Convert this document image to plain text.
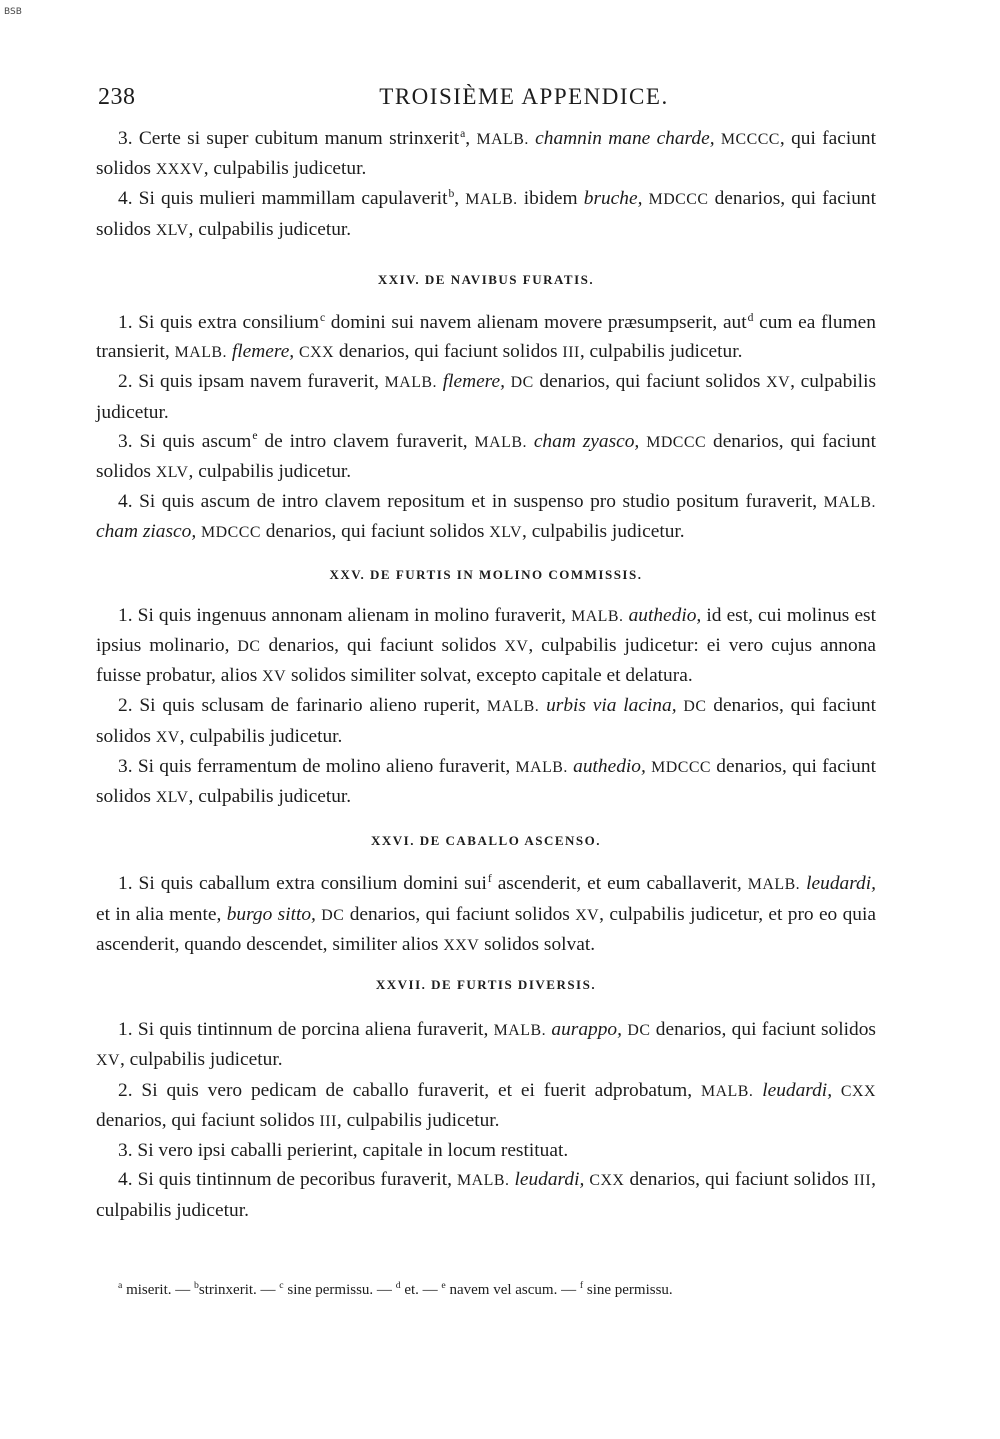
BSB
238	TROISIÈME APPENDICE.

3. Certe si super cubitum manum strinxerit$^a$, MALB. chamnin mane charde, MCCCC, qui faciunt solidos XXXV, culpabilis judicetur.

4. Si quis mulieri mammillam capulaverit$^b$, MALB. ibidem bruche, MDCCC denarios, qui faciunt solidos XLV, culpabilis judicetur.

XXIV. DE NAVIBUS FURATIS.

1. Si quis extra consilium$^c$ domini sui navem alienam movere præsumpserit, aut$^d$ cum ea flumen transierit, MALB. flemere, CXX denarios, qui faciunt solidos III, culpabilis judicetur.

2. Si quis ipsam navem furaverit, MALB. flemere, DC denarios, qui faciunt solidos XV, culpabilis judicetur.

3. Si quis ascum$^e$ de intro clavem furaverit, MALB. cham zyasco, MDCCC denarios, qui faciunt solidos XLV, culpabilis judicetur.

4. Si quis ascum de intro clavem repositum et in suspenso pro studio positum furaverit, MALB. cham ziasco, MDCCC denarios, qui faciunt solidos XLV, culpabilis judicetur.

XXV. DE FURTIS IN MOLINO COMMISSIS.

1. Si quis ingenuus annonam alienam in molino furaverit, MALB. authedio, id est, cui molinus est ipsius molinario, DC denarios, qui faciunt solidos XV, culpabilis judicetur: ei vero cujus annona fuisse probatur, alios XV solidos similiter solvat, excepto capitale et delatura.

2. Si quis sclusam de farinario alieno ruperit, MALB. urbis via lacina, DC denarios, qui faciunt solidos XV, culpabilis judicetur.

3. Si quis ferramentum de molino alieno furaverit, MALB. authedio, MDCCC denarios, qui faciunt solidos XLV, culpabilis judicetur.

XXVI. DE CABALLO ASCENSO.

1. Si quis caballum extra consilium domini sui$^f$ ascenderit, et eum caballaverit, MALB. leudardi, et in alia mente, burgo sitto, DC denarios, qui faciunt solidos XV, culpabilis judicetur, et pro eo quia ascenderit, quando descendet, similiter alios XXV solidos solvat.

XXVII. DE FURTIS DIVERSIS.

1. Si quis tintinnum de porcina aliena furaverit, MALB. aurappo, DC denarios, qui faciunt solidos XV, culpabilis judicetur.

2. Si quis vero pedicam de caballo furaverit, et ei fuerit adprobatum, MALB. leudardi, CXX denarios, qui faciunt solidos III, culpabilis judicetur.

3. Si vero ipsi caballi perierint, capitale in locum restituat.

4. Si quis tintinnum de pecoribus furaverit, MALB. leudardi, CXX denarios, qui faciunt solidos III, culpabilis judicetur.

$^a$ miserit. — $^b$strinxerit. — $^c$ sine permissu. — $^d$ et. — $^e$ navem vel ascum. — $^f$ sine permissu.
